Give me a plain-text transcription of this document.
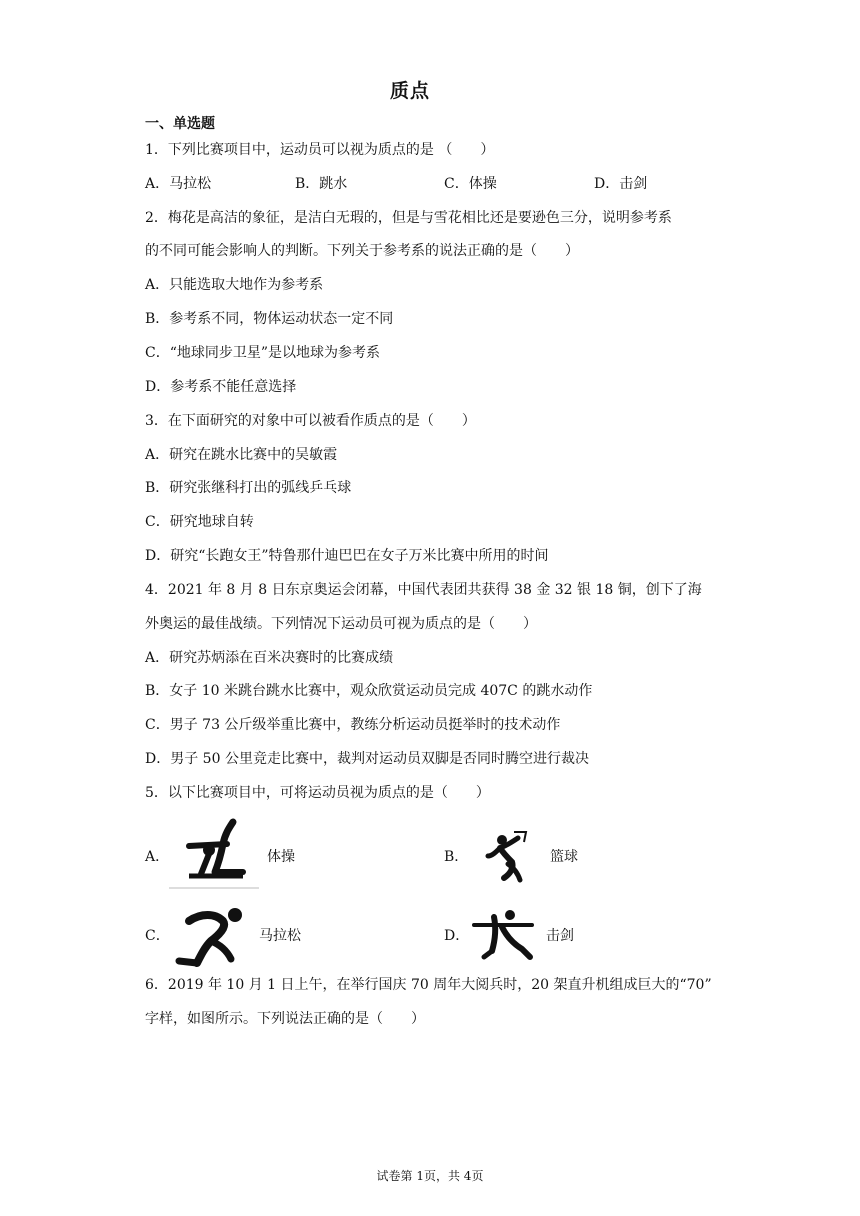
质点
一、单选题
1．下列比赛项目中，运动员可以视为质点的是 （　　）
A．马拉松	B．跳水	C．体操	D．击剑
2．梅花是高洁的象征，是洁白无瑕的，但是与雪花相比还是要逊色三分，说明参考系
的不同可能会影响人的判断。下列关于参考系的说法正确的是（　　）
A．只能选取大地作为参考系
B．参考系不同，物体运动状态一定不同
C．“地球同步卫星”是以地球为参考系
D．参考系不能任意选择
3．在下面研究的对象中可以被看作质点的是（　　）
A．研究在跳水比赛中的吴敏霞
B．研究张继科打出的弧线乒乓球
C．研究地球自转
D．研究“长跑女王”特鲁那什迪巴巴在女子万米比赛中所用的时间
4．2021 年 8 月 8 日东京奥运会闭幕，中国代表团共获得 38 金 32 银 18 铜，创下了海
外奥运的最佳战绩。下列情况下运动员可视为质点的是（　　）
A．研究苏炳添在百米决赛时的比赛成绩
B．女子 10 米跳台跳水比赛中，观众欣赏运动员完成 407C 的跳水动作
C．男子 73 公斤级举重比赛中，教练分析运动员挺举时的技术动作
D．男子 50 公里竞走比赛中，裁判对运动员双脚是否同时腾空进行裁决
5．以下比赛项目中，可将运动员视为质点的是（　　）
A．	体操	B．	篮球
C．	马拉松	D．	击剑
6．2019 年 10 月 1 日上午，在举行国庆 70 周年大阅兵时，20 架直升机组成巨大的“70”
字样，如图所示。下列说法正确的是（　　）
试卷第 1页，共 4页
